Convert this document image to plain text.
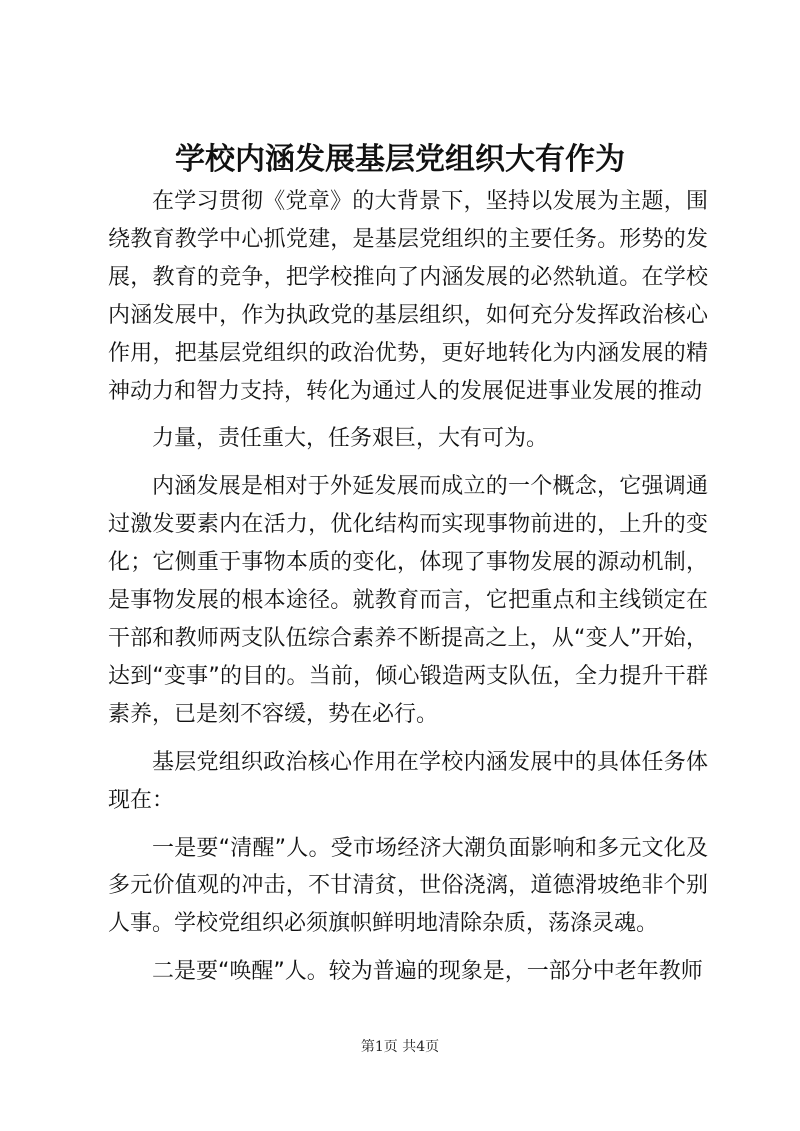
学校内涵发展基层党组织大有作为

在学习贯彻《党章》的大背景下，坚持以发展为主题，围绕教育教学中心抓党建，是基层党组织的主要任务。形势的发展，教育的竞争，把学校推向了内涵发展的必然轨道。在学校内涵发展中，作为执政党的基层组织，如何充分发挥政治核心作用，把基层党组织的政治优势，更好地转化为内涵发展的精神动力和智力支持，转化为通过人的发展促进事业发展的推动

力量，责任重大，任务艰巨，大有可为。

内涵发展是相对于外延发展而成立的一个概念，它强调通过激发要素内在活力，优化结构而实现事物前进的，上升的变化；它侧重于事物本质的变化，体现了事物发展的源动机制，是事物发展的根本途径。就教育而言，它把重点和主线锁定在干部和教师两支队伍综合素养不断提高之上，从“变人”开始，达到“变事”的目的。当前，倾心锻造两支队伍，全力提升干群素养，已是刻不容缓，势在必行。

基层党组织政治核心作用在学校内涵发展中的具体任务体现在：

一是要“清醒”人。受市场经济大潮负面影响和多元文化及多元价值观的冲击，不甘清贫，世俗浇漓，道德滑坡绝非个别人事。学校党组织必须旗帜鲜明地清除杂质，荡涤灵魂。

二是要“唤醒”人。较为普遍的现象是，一部分中老年教师

第1页 共4页
